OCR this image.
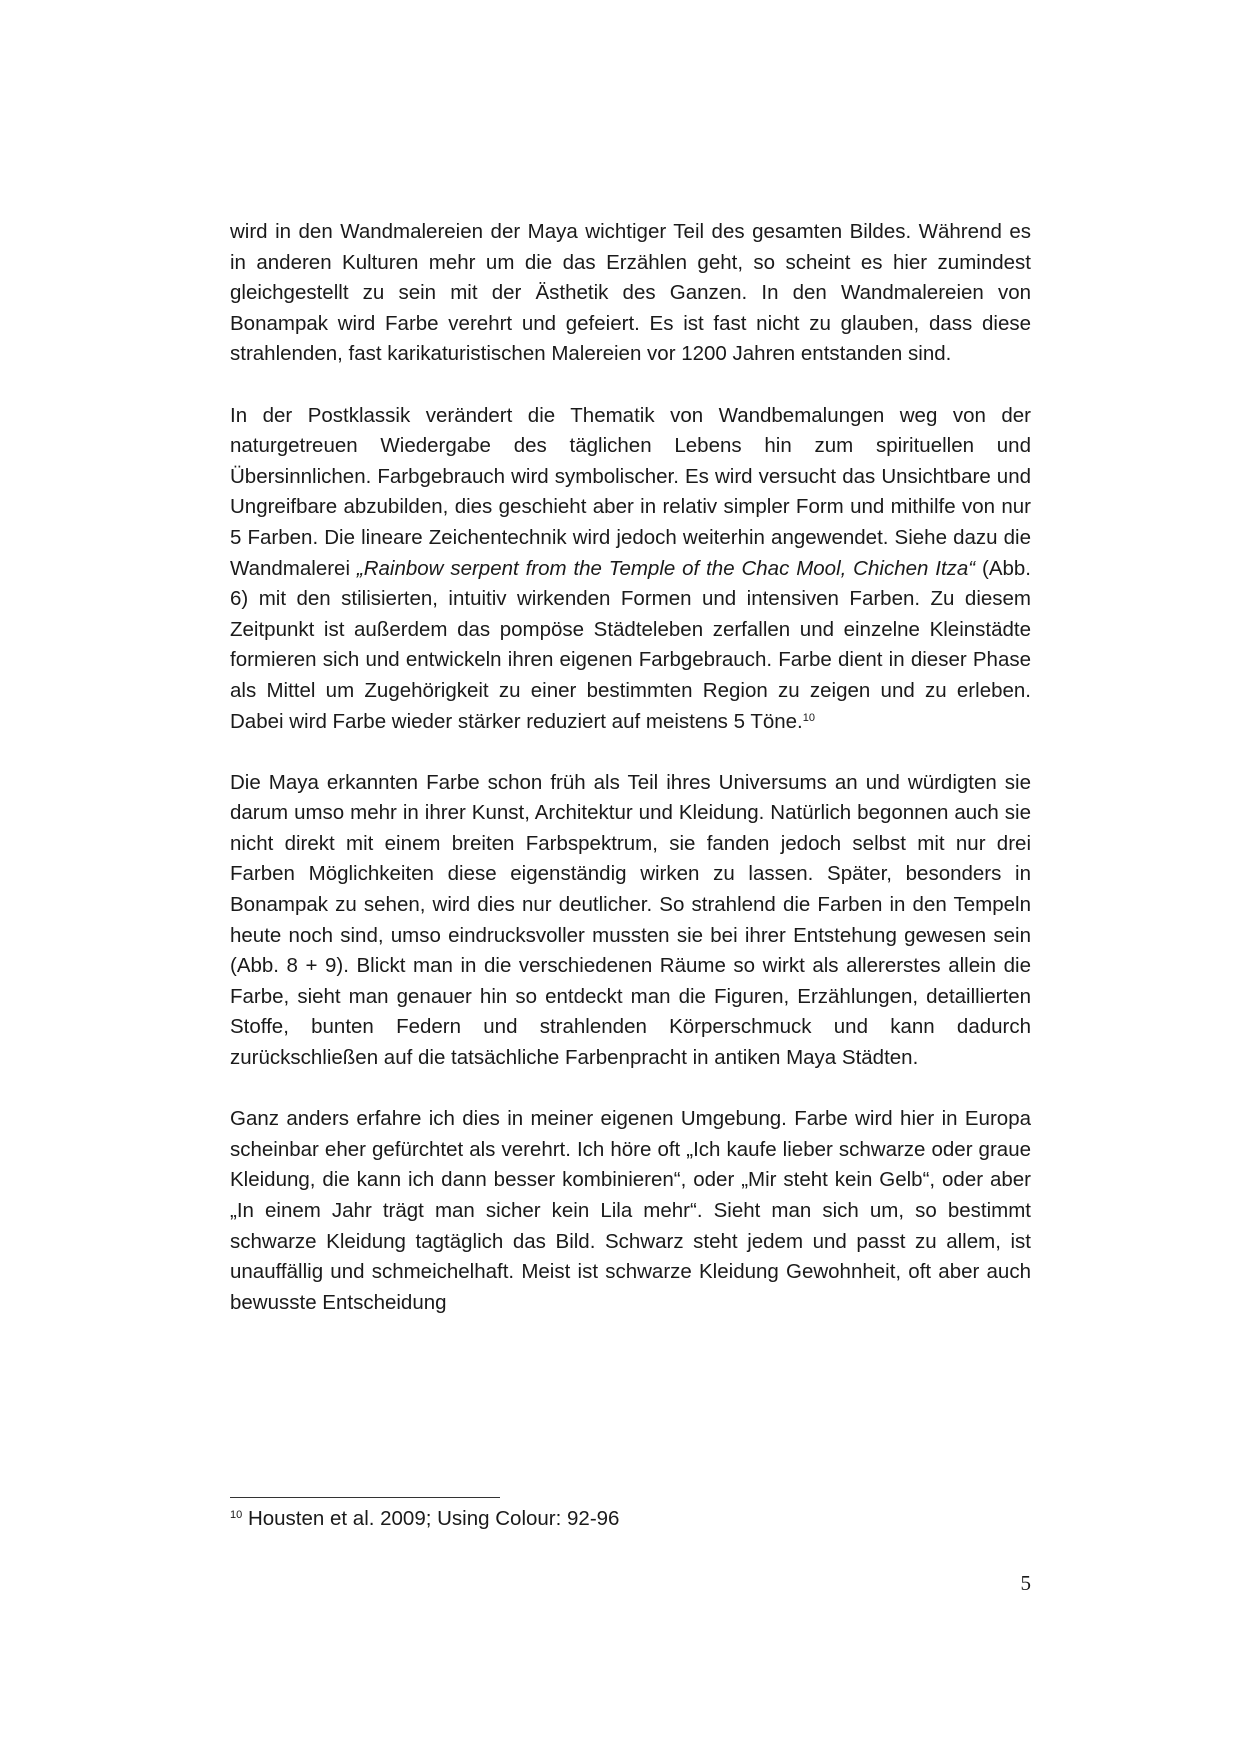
wird in den Wandmalereien der Maya wichtiger Teil des gesamten Bildes. Während es in anderen Kulturen mehr um die das Erzählen geht, so scheint es hier zumindest gleichgestellt zu sein mit der Ästhetik des Ganzen. In den Wandmalereien von Bonampak wird Farbe verehrt und gefeiert. Es ist fast nicht zu glauben, dass diese strahlenden, fast karikaturistischen Malereien vor 1200 Jahren entstanden sind.

In der Postklassik verändert die Thematik von Wandbemalungen weg von der naturgetreuen Wiedergabe des täglichen Lebens hin zum spirituellen und Übersinnlichen. Farbgebrauch wird symbolischer. Es wird versucht das Unsichtbare und Ungreifbare abzubilden, dies geschieht aber in relativ simpler Form und mithilfe von nur 5 Farben. Die lineare Zeichentechnik wird jedoch weiterhin angewendet. Siehe dazu die Wandmalerei „Rainbow serpent from the Temple of the Chac Mool, Chichen Itza“ (Abb. 6) mit den stilisierten, intuitiv wirkenden Formen und intensiven Farben. Zu diesem Zeitpunkt ist außerdem das pompöse Städteleben zerfallen und einzelne Kleinstädte formieren sich und entwickeln ihren eigenen Farbgebrauch. Farbe dient in dieser Phase als Mittel um Zugehörigkeit zu einer bestimmten Region zu zeigen und zu erleben. Dabei wird Farbe wieder stärker reduziert auf meistens 5 Töne.$^{10}$

Die Maya erkannten Farbe schon früh als Teil ihres Universums an und würdigten sie darum umso mehr in ihrer Kunst, Architektur und Kleidung. Natürlich begonnen auch sie nicht direkt mit einem breiten Farbspektrum, sie fanden jedoch selbst mit nur drei Farben Möglichkeiten diese eigenständig wirken zu lassen. Später, besonders in Bonampak zu sehen, wird dies nur deutlicher. So strahlend die Farben in den Tempeln heute noch sind, umso eindrucksvoller mussten sie bei ihrer Entstehung gewesen sein (Abb. 8 + 9). Blickt man in die verschiedenen Räume so wirkt als allererstes allein die Farbe, sieht man genauer hin so entdeckt man die Figuren, Erzählungen, detaillierten Stoffe, bunten Federn und strahlenden Körperschmuck und kann dadurch zurückschließen auf die tatsächliche Farbenpracht in antiken Maya Städten.

Ganz anders erfahre ich dies in meiner eigenen Umgebung. Farbe wird hier in Europa scheinbar eher gefürchtet als verehrt. Ich höre oft „Ich kaufe lieber schwarze oder graue Kleidung, die kann ich dann besser kombinieren“, oder „Mir steht kein Gelb“, oder aber „In einem Jahr trägt man sicher kein Lila mehr“. Sieht man sich um, so bestimmt schwarze Kleidung tagtäglich das Bild. Schwarz steht jedem und passt zu allem, ist unauffällig und schmeichelhaft. Meist ist schwarze Kleidung Gewohnheit, oft aber auch bewusste Entscheidung

$^{10}$ Housten et al. 2009; Using Colour: 92-96
5
